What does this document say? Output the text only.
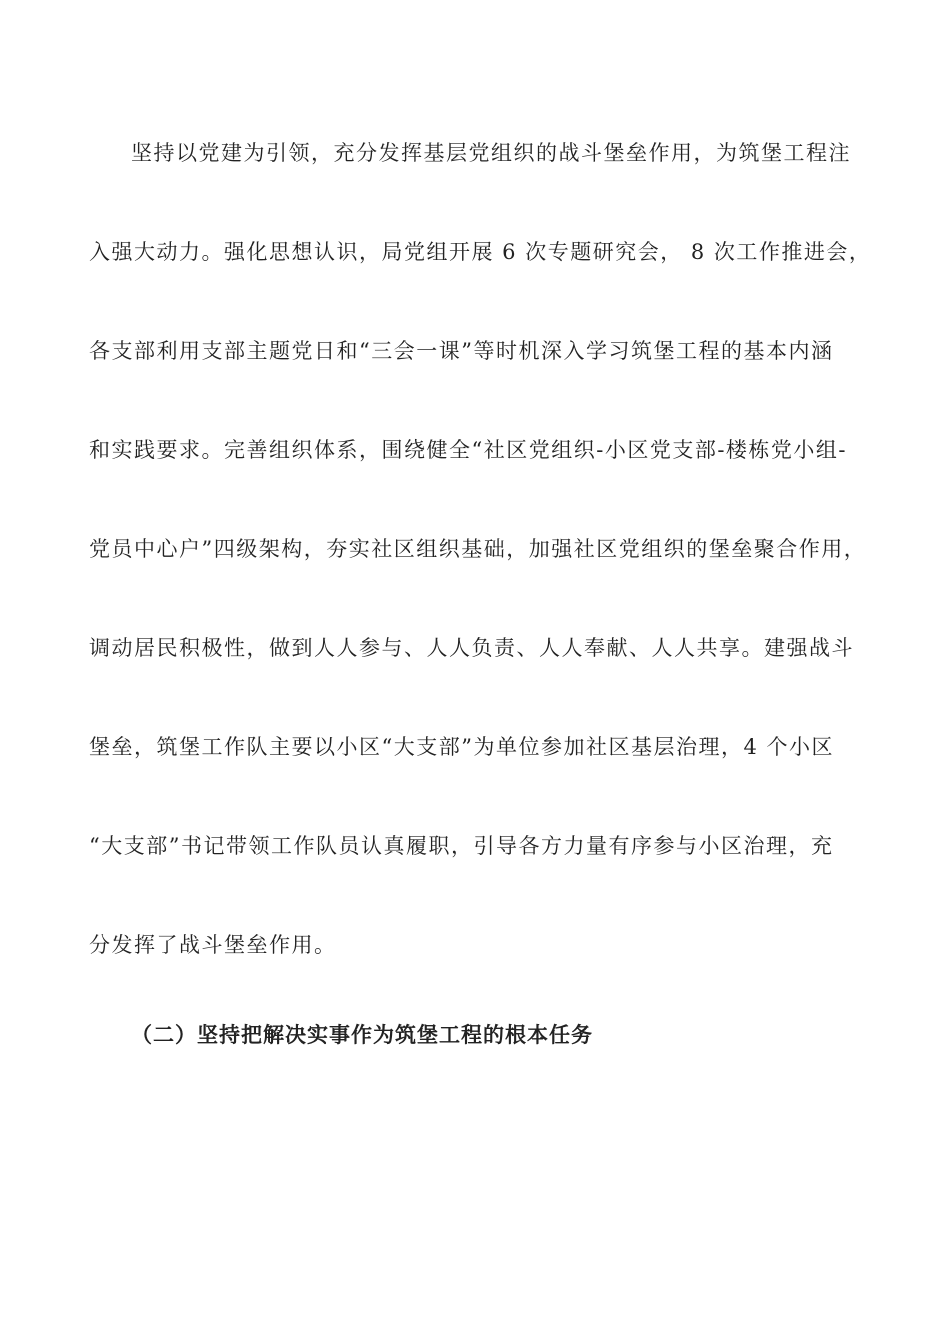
坚持以党建为引领，充分发挥基层党组织的战斗堡垒作用，为筑堡工程注
入强大动力。强化思想认识，局党组开展 6 次专题研究会， 8 次工作推进会，
各支部利用支部主题党日和“三会一课”等时机深入学习筑堡工程的基本内涵
和实践要求。完善组织体系，围绕健全“社区党组织-小区党支部-楼栋党小组-
党员中心户”四级架构，夯实社区组织基础，加强社区党组织的堡垒聚合作用，
调动居民积极性，做到人人参与、人人负责、人人奉献、人人共享。建强战斗
堡垒，筑堡工作队主要以小区“大支部”为单位参加社区基层治理，4 个小区
“大支部”书记带领工作队员认真履职，引导各方力量有序参与小区治理，充
分发挥了战斗堡垒作用。
（二）坚持把解决实事作为筑堡工程的根本任务
